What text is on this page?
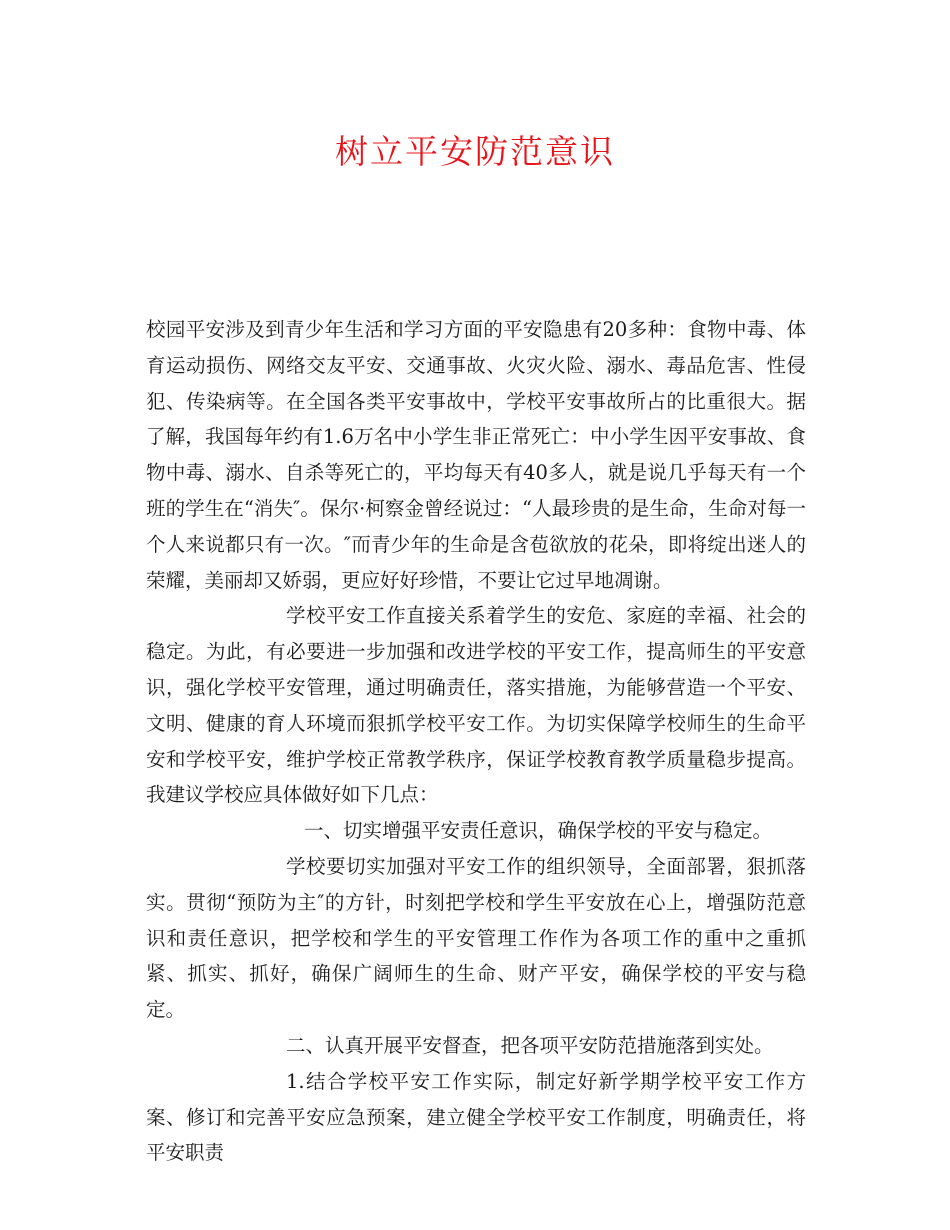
树立平安防范意识

校园平安涉及到青少年生活和学习方面的平安隐患有20多种：食物中毒、体育运动损伤、网络交友平安、交通事故、火灾火险、溺水、毒品危害、性侵犯、传染病等。在全国各类平安事故中，学校平安事故所占的比重很大。据了解，我国每年约有1.6万名中小学生非正常死亡：中小学生因平安事故、食物中毒、溺水、自杀等死亡的，平均每天有40多人，就是说几乎每天有一个班的学生在“消失″。保尔·柯察金曾经说过：“人最珍贵的是生命，生命对每一个人来说都只有一次。″而青少年的生命是含苞欲放的花朵，即将绽出迷人的荣耀，美丽却又娇弱，更应好好珍惜，不要让它过早地凋谢。

学校平安工作直接关系着学生的安危、家庭的幸福、社会的稳定。为此，有必要进一步加强和改进学校的平安工作，提高师生的平安意识，强化学校平安管理，通过明确责任，落实措施，为能够营造一个平安、文明、健康的育人环境而狠抓学校平安工作。为切实保障学校师生的生命平安和学校平安，维护学校正常教学秩序，保证学校教育教学质量稳步提高。我建议学校应具体做好如下几点：

一、切实增强平安责任意识，确保学校的平安与稳定。

学校要切实加强对平安工作的组织领导，全面部署，狠抓落实。贯彻“预防为主″的方针，时刻把学校和学生平安放在心上，增强防范意识和责任意识，把学校和学生的平安管理工作作为各项工作的重中之重抓紧、抓实、抓好，确保广阔师生的生命、财产平安，确保学校的平安与稳定。

二、认真开展平安督查，把各项平安防范措施落到实处。

1.结合学校平安工作实际，制定好新学期学校平安工作方案、修订和完善平安应急预案，建立健全学校平安工作制度，明确责任，将平安职责
